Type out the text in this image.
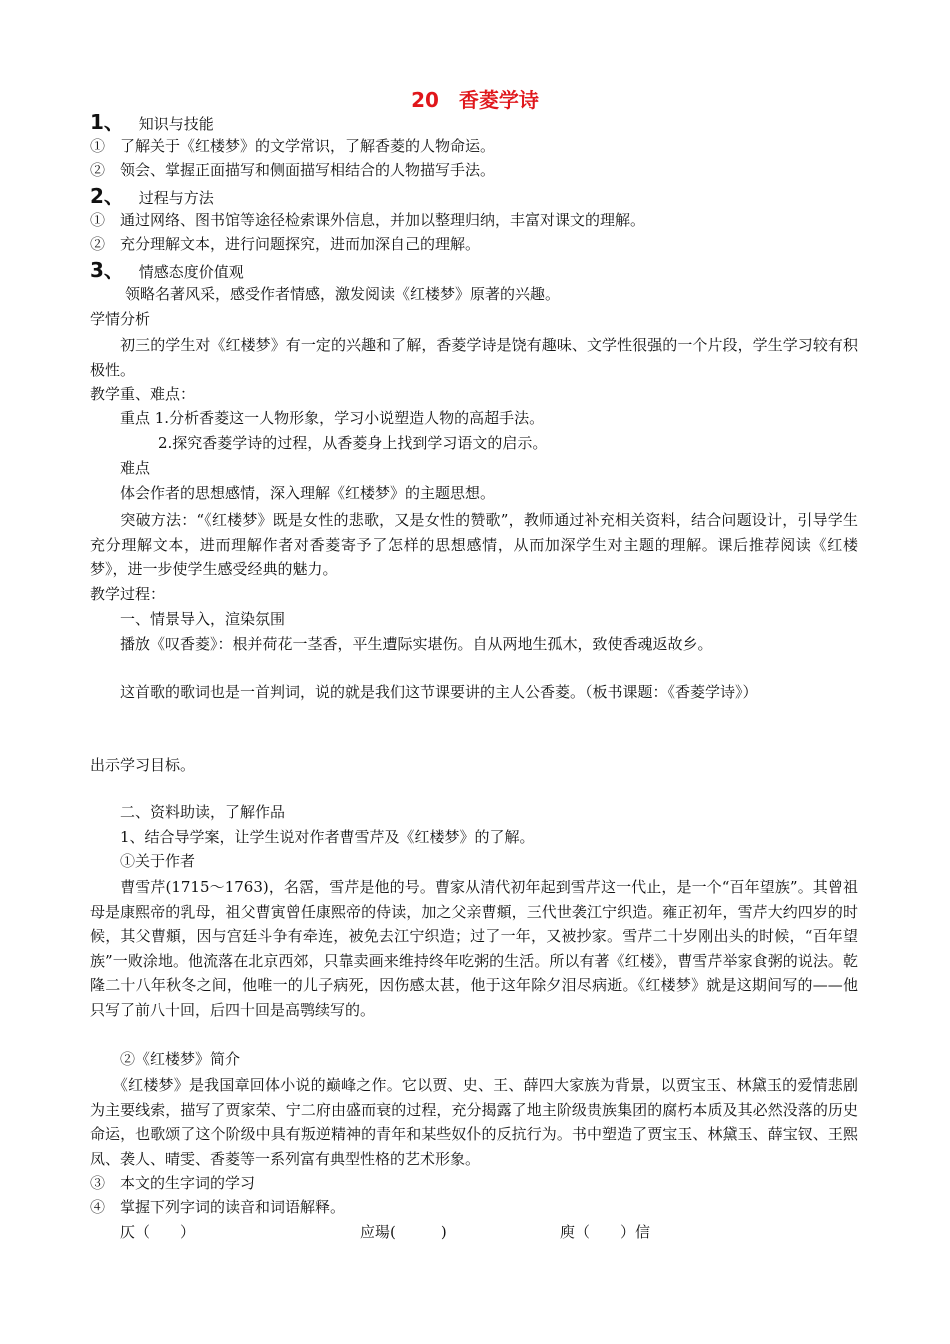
20　香菱学诗
1、 知识与技能
①　了解关于《红楼梦》的文学常识，了解香菱的人物命运。
②　领会、掌握正面描写和侧面描写相结合的人物描写手法。
2、 过程与方法
①　通过网络、图书馆等途径检索课外信息，并加以整理归纳，丰富对课文的理解。
②　充分理解文本，进行问题探究，进而加深自己的理解。
3、 情感态度价值观
领略名著风采，感受作者情感，激发阅读《红楼梦》原著的兴趣。
学情分析
　　初三的学生对《红楼梦》有一定的兴趣和了解，香菱学诗是饶有趣味、文学性很强的一个片段，学生学习较有积极性。
教学重、难点：
重点 1.分析香菱这一人物形象，学习小说塑造人物的高超手法。
2.探究香菱学诗的过程，从香菱身上找到学习语文的启示。
难点
体会作者的思想感情，深入理解《红楼梦》的主题思想。
　　突破方法：“《红楼梦》既是女性的悲歌，又是女性的赞歌”，教师通过补充相关资料，结合问题设计，引导学生充分理解文本，进而理解作者对香菱寄予了怎样的思想感情，从而加深学生对主题的理解。课后推荐阅读《红楼梦》，进一步使学生感受经典的魅力。
教学过程：
一、情景导入，渲染氛围
播放《叹香菱》：根并荷花一茎香，平生遭际实堪伤。自从两地生孤木，致使香魂返故乡。
　　这首歌的歌词也是一首判词，说的就是我们这节课要讲的主人公香菱。（板书课题：《香菱学诗》）
出示学习目标。
二、资料助读，了解作品
1、结合导学案，让学生说对作者曹雪芹及《红楼梦》的了解。
①关于作者
　　曹雪芹(1715～1763)，名霑，雪芹是他的号。曹家从清代初年起到雪芹这一代止，是一个“百年望族”。其曾祖母是康熙帝的乳母，祖父曹寅曾任康熙帝的侍读，加之父亲曹頫，三代世袭江宁织造。雍正初年，雪芹大约四岁的时候，其父曹頫，因与宫廷斗争有牵连，被免去江宁织造；过了一年，又被抄家。雪芹二十岁刚出头的时候，“百年望族”一败涂地。他流落在北京西郊，只靠卖画来维持终年吃粥的生活。所以有著《红楼》，曹雪芹举家食粥的说法。乾隆二十八年秋冬之间，他唯一的儿子病死，因伤感太甚，他于这年除夕泪尽病逝。《红楼梦》就是这期间写的——他只写了前八十回，后四十回是高鹗续写的。
②《红楼梦》简介
　　《红楼梦》是我国章回体小说的巅峰之作。它以贾、史、王、薛四大家族为背景，以贾宝玉、林黛玉的爱情悲剧为主要线索，描写了贾家荣、宁二府由盛而衰的过程，充分揭露了地主阶级贵族集团的腐朽本质及其必然没落的历史命运，也歌颂了这个阶级中具有叛逆精神的青年和某些奴仆的反抗行为。书中塑造了贾宝玉、林黛玉、薛宝钗、王熙凤、袭人、晴雯、香菱等一系列富有典型性格的艺术形象。
③　本文的生字词的学习
④　掌握下列字词的读音和词语解释。
仄（　　）	应瑒(　　　)	庾（　　）信
